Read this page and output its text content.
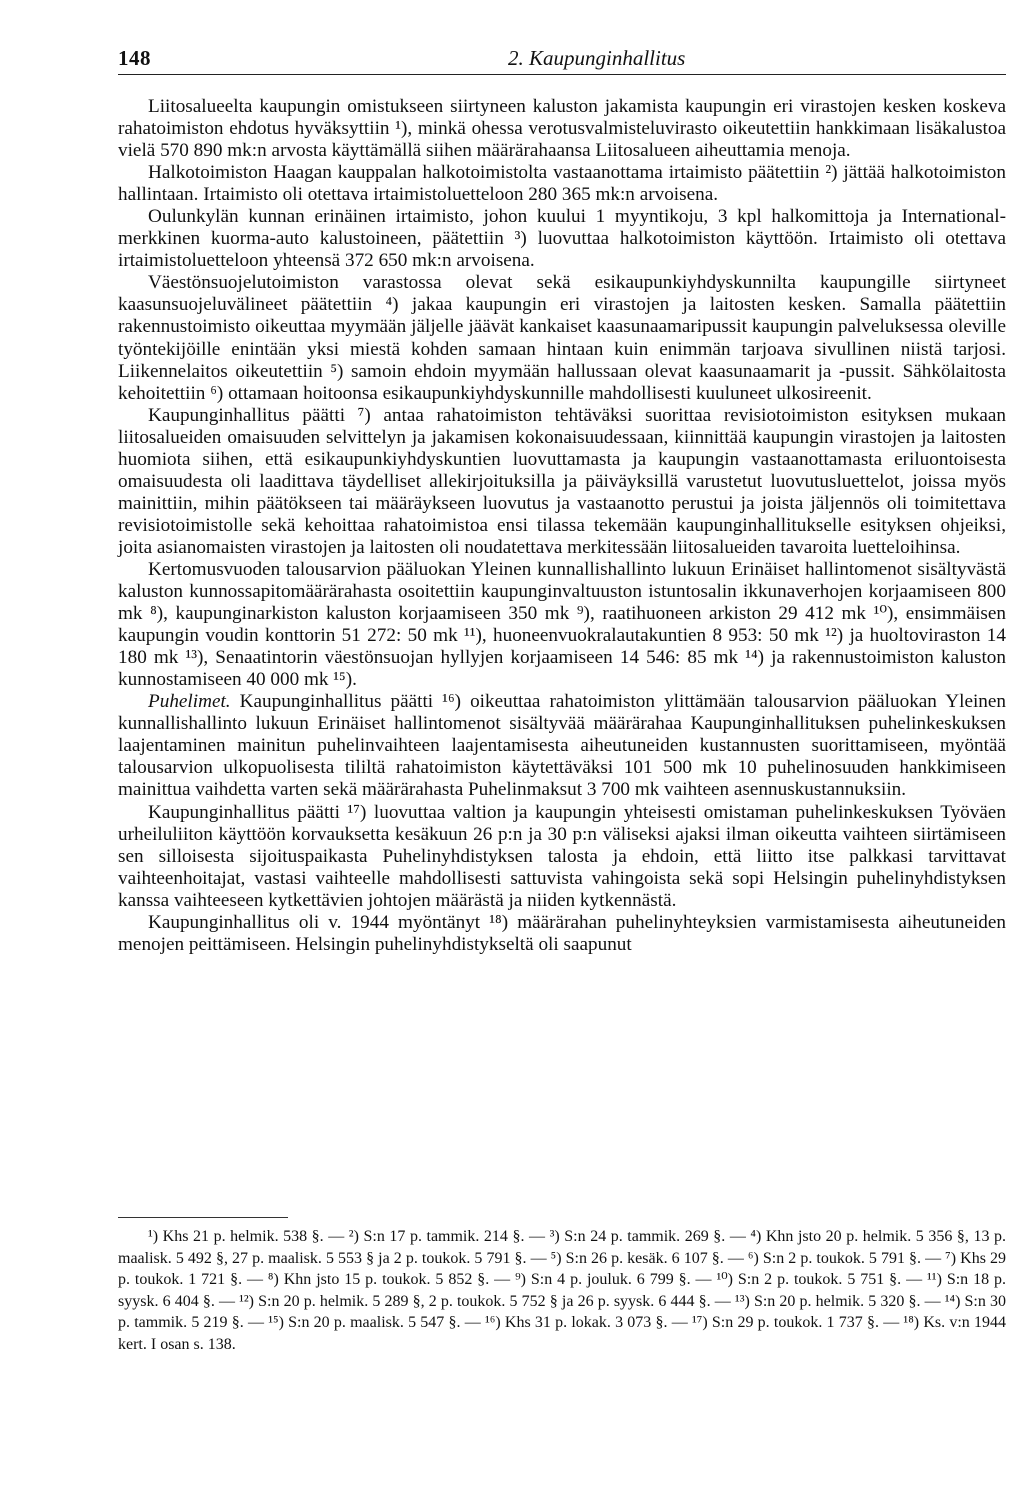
148	2. Kaupunginhallitus

Liitosalueelta kaupungin omistukseen siirtyneen kaluston jakamista kaupungin eri virastojen kesken koskeva rahatoimiston ehdotus hyväksyttiin ¹), minkä ohessa verotusvalmisteluvirasto oikeutettiin hankkimaan lisäkalustoa vielä 570 890 mk:n arvosta käyttämällä siihen määrärahaansa Liitosalueen aiheuttamia menoja.

Halkotoimiston Haagan kauppalan halkotoimistolta vastaanottama irtaimisto päätettiin ²) jättää halkotoimiston hallintaan. Irtaimisto oli otettava irtaimistoluetteloon 280 365 mk:n arvoisena.

Oulunkylän kunnan erinäinen irtaimisto, johon kuului 1 myyntikoju, 3 kpl halkomittoja ja International-merkkinen kuorma-auto kalustoineen, päätettiin ³) luovuttaa halkotoimiston käyttöön. Irtaimisto oli otettava irtaimistoluetteloon yhteensä 372 650 mk:n arvoisena.

Väestönsuojelutoimiston varastossa olevat sekä esikaupunkiyhdyskunnilta kaupungille siirtyneet kaasunsuojeluvälineet päätettiin ⁴) jakaa kaupungin eri virastojen ja laitosten kesken. Samalla päätettiin rakennustoimisto oikeuttaa myymään jäljelle jäävät kankaiset kaasunaamaripussit kaupungin palveluksessa oleville työntekijöille enintään yksi miestä kohden samaan hintaan kuin enimmän tarjoava sivullinen niistä tarjosi. Liikennelaitos oikeutettiin ⁵) samoin ehdoin myymään hallussaan olevat kaasunaamarit ja -pussit. Sähkölaitosta kehoitettiin ⁶) ottamaan hoitoonsa esikaupunkiyhdyskunnille mahdollisesti kuuluneet ulkosireenit.

Kaupunginhallitus päätti ⁷) antaa rahatoimiston tehtäväksi suorittaa revisiotoimiston esityksen mukaan liitosalueiden omaisuuden selvittelyn ja jakamisen kokonaisuudessaan, kiinnittää kaupungin virastojen ja laitosten huomiota siihen, että esikaupunkiyhdyskuntien luovuttamasta ja kaupungin vastaanottamasta eriluontoisesta omaisuudesta oli laadittava täydelliset allekirjoituksilla ja päiväyksillä varustetut luovutusluettelot, joissa myös mainittiin, mihin päätökseen tai määräykseen luovutus ja vastaanotto perustui ja joista jäljennös oli toimitettava revisiotoimistolle sekä kehoittaa rahatoimistoa ensi tilassa tekemään kaupunginhallitukselle esityksen ohjeiksi, joita asianomaisten virastojen ja laitosten oli noudatettava merkitessään liitosalueiden tavaroita luetteloihinsa.

Kertomusvuoden talousarvion pääluokan Yleinen kunnallishallinto lukuun Erinäiset hallintomenot sisältyvästä kaluston kunnossapitomäärärahasta osoitettiin kaupunginvaltuuston istuntosalin ikkunaverhojen korjaamiseen 800 mk ⁸), kaupunginarkiston kaluston korjaamiseen 350 mk ⁹), raatihuoneen arkiston 29 412 mk ¹⁰), ensimmäisen kaupungin voudin konttorin 51 272: 50 mk ¹¹), huoneenvuokralautakuntien 8 953: 50 mk ¹²) ja huoltoviraston 14 180 mk ¹³), Senaatintorin väestönsuojan hyllyjen korjaamiseen 14 546: 85 mk ¹⁴) ja rakennustoimiston kaluston kunnostamiseen 40 000 mk ¹⁵).

Puhelimet. Kaupunginhallitus päätti ¹⁶) oikeuttaa rahatoimiston ylittämään talousarvion pääluokan Yleinen kunnallishallinto lukuun Erinäiset hallintomenot sisältyvää määrärahaa Kaupunginhallituksen puhelinkeskuksen laajentaminen mainitun puhelinvaihteen laajentamisesta aiheutuneiden kustannusten suorittamiseen, myöntää talousarvion ulkopuolisesta tililtä rahatoimiston käytettäväksi 101 500 mk 10 puhelinosuuden hankkimiseen mainittua vaihdetta varten sekä määrärahasta Puhelinmaksut 3 700 mk vaihteen asennuskustannuksiin.

Kaupunginhallitus päätti ¹⁷) luovuttaa valtion ja kaupungin yhteisesti omistaman puhelinkeskuksen Työväen urheiluliiton käyttöön korvauksetta kesäkuun 26 p:n ja 30 p:n väliseksi ajaksi ilman oikeutta vaihteen siirtämiseen sen silloisesta sijoituspaikasta Puhelinyhdistyksen talosta ja ehdoin, että liitto itse palkkasi tarvittavat vaihteenhoitajat, vastasi vaihteelle mahdollisesti sattuvista vahingoista sekä sopi Helsingin puhelinyhdistyksen kanssa vaihteeseen kytkettävien johtojen määrästä ja niiden kytkennästä.

Kaupunginhallitus oli v. 1944 myöntänyt ¹⁸) määrärahan puhelinyhteyksien varmistamisesta aiheutuneiden menojen peittämiseen. Helsingin puhelinyhdistykseltä oli saapunut

¹) Khs 21 p. helmik. 538 §. — ²) S:n 17 p. tammik. 214 §. — ³) S:n 24 p. tammik. 269 §. — ⁴) Khn jsto 20 p. helmik. 5 356 §, 13 p. maalisk. 5 492 §, 27 p. maalisk. 5 553 § ja 2 p. toukok. 5 791 §. — ⁵) S:n 26 p. kesäk. 6 107 §. — ⁶) S:n 2 p. toukok. 5 791 §. — ⁷) Khs 29 p. toukok. 1 721 §. — ⁸) Khn jsto 15 p. toukok. 5 852 §. — ⁹) S:n 4 p. jouluk. 6 799 §. — ¹⁰) S:n 2 p. toukok. 5 751 §. — ¹¹) S:n 18 p. syysk. 6 404 §. — ¹²) S:n 20 p. helmik. 5 289 §, 2 p. toukok. 5 752 § ja 26 p. syysk. 6 444 §. — ¹³) S:n 20 p. helmik. 5 320 §. — ¹⁴) S:n 30 p. tammik. 5 219 §. — ¹⁵) S:n 20 p. maalisk. 5 547 §. — ¹⁶) Khs 31 p. lokak. 3 073 §. — ¹⁷) S:n 29 p. toukok. 1 737 §. — ¹⁸) Ks. v:n 1944 kert. I osan s. 138.
